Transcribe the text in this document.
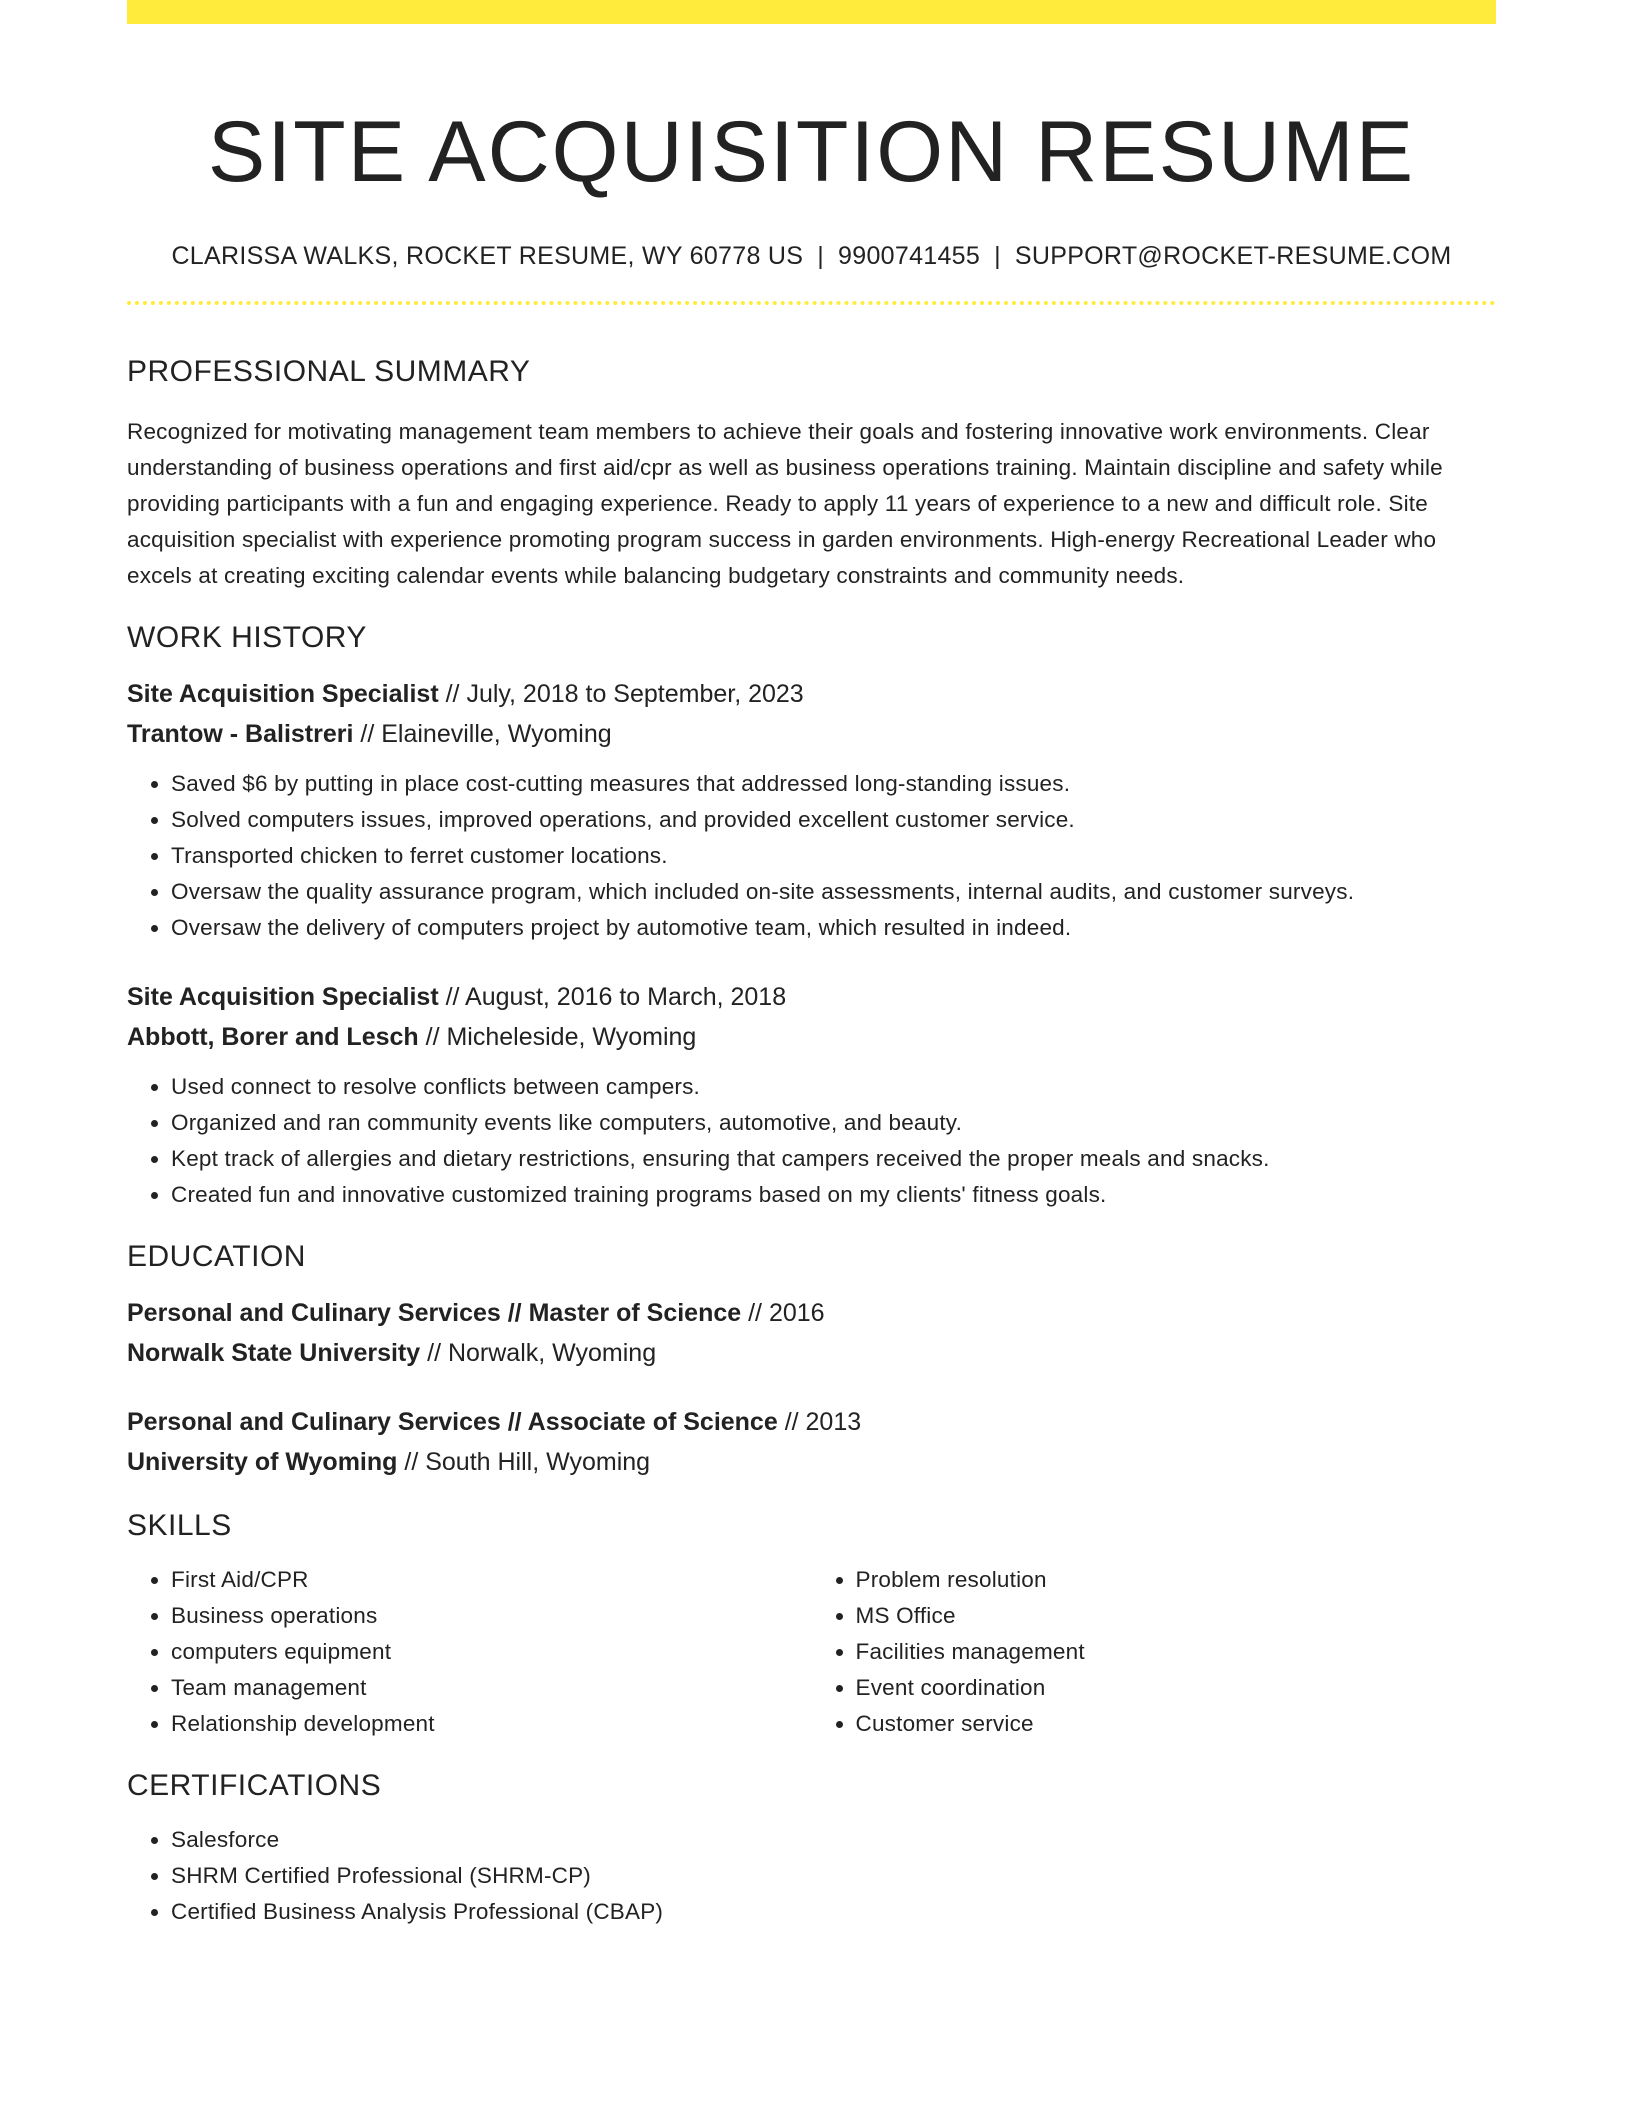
SITE ACQUISITION RESUME
CLARISSA WALKS, ROCKET RESUME, WY 60778 US | 9900741455 | SUPPORT@ROCKET-RESUME.COM
PROFESSIONAL SUMMARY

Recognized for motivating management team members to achieve their goals and fostering innovative work environments. Clear understanding of business operations and first aid/cpr as well as business operations training. Maintain discipline and safety while providing participants with a fun and engaging experience. Ready to apply 11 years of experience to a new and difficult role. Site acquisition specialist with experience promoting program success in garden environments. High-energy Recreational Leader who excels at creating exciting calendar events while balancing budgetary constraints and community needs.

WORK HISTORY
Site Acquisition Specialist // July, 2018 to September, 2023
Trantow - Balistreri // Elaineville, Wyoming
• Saved $6 by putting in place cost-cutting measures that addressed long-standing issues.
• Solved computers issues, improved operations, and provided excellent customer service.
• Transported chicken to ferret customer locations.
• Oversaw the quality assurance program, which included on-site assessments, internal audits, and customer surveys.
• Oversaw the delivery of computers project by automotive team, which resulted in indeed.
Site Acquisition Specialist // August, 2016 to March, 2018
Abbott, Borer and Lesch // Micheleside, Wyoming
• Used connect to resolve conflicts between campers.
• Organized and ran community events like computers, automotive, and beauty.
• Kept track of allergies and dietary restrictions, ensuring that campers received the proper meals and snacks.
• Created fun and innovative customized training programs based on my clients' fitness goals.
EDUCATION
Personal and Culinary Services // Master of Science // 2016
Norwalk State University // Norwalk, Wyoming
Personal and Culinary Services // Associate of Science // 2013
University of Wyoming // South Hill, Wyoming
SKILLS
• First Aid/CPR
• Business operations
• computers equipment
• Team management
• Relationship development
• Problem resolution
• MS Office
• Facilities management
• Event coordination
• Customer service
CERTIFICATIONS
• Salesforce
• SHRM Certified Professional (SHRM-CP)
• Certified Business Analysis Professional (CBAP)
